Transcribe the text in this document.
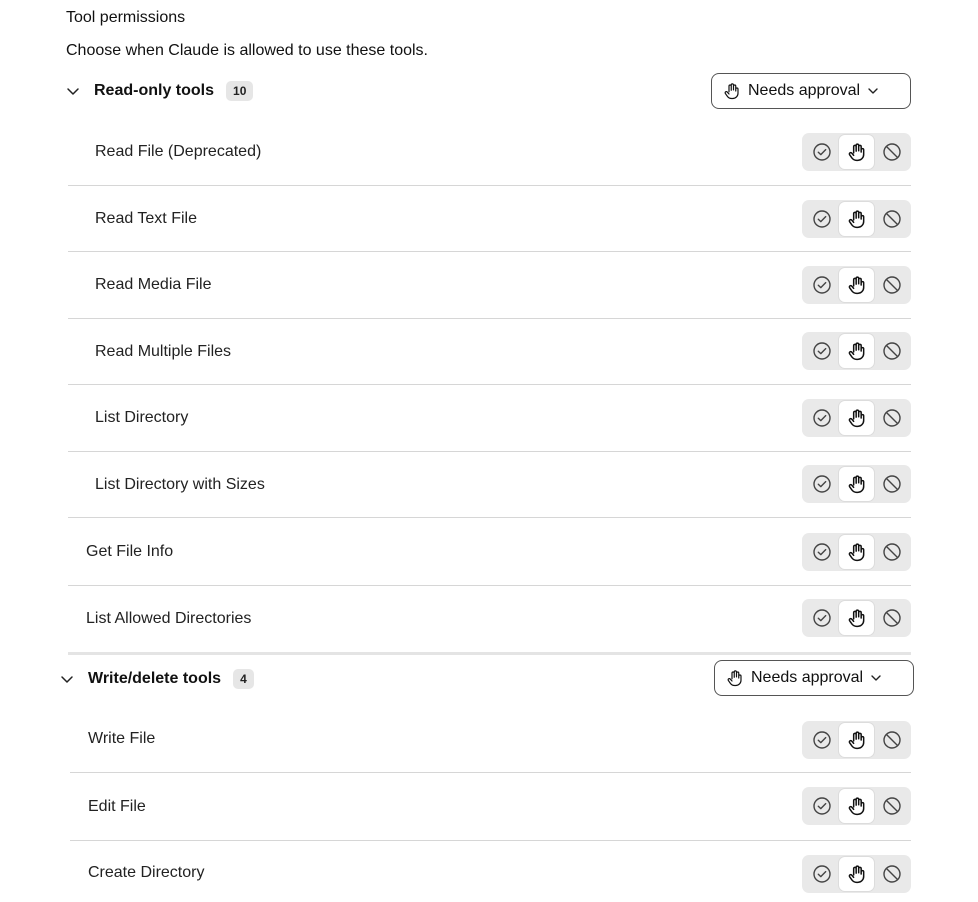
Tool permissions
Choose when Claude is allowed to use these tools.
Read-only tools	10	Needs approval
Read File (Deprecated)
Read Text File
Read Media File
Read Multiple Files
List Directory
List Directory with Sizes
Get File Info
List Allowed Directories
Write/delete tools	4	Needs approval
Write File
Edit File
Create Directory
